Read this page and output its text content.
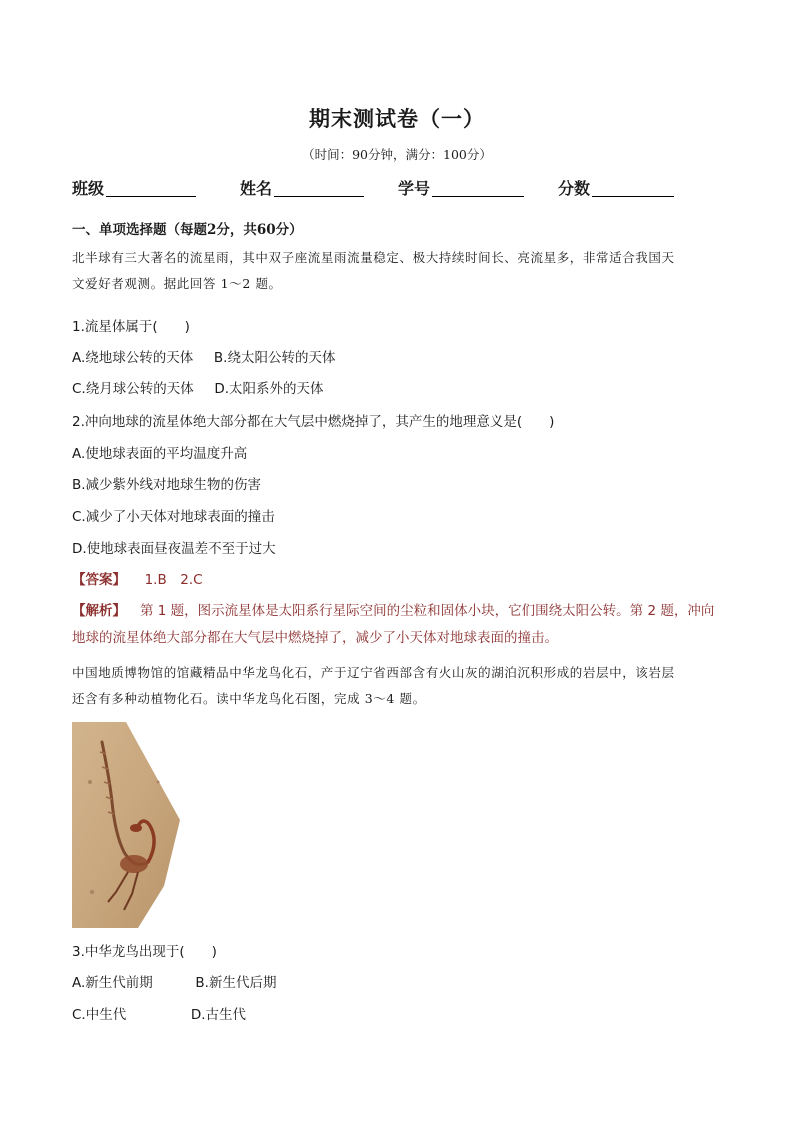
期末测试卷（一）
（时间：90分钟，满分：100分）
班级	姓名	学号	分数
一、单项选择题（每题2分，共60分）
北半球有三大著名的流星雨，其中双子座流星雨流量稳定、极大持续时间长、亮流星多，非常适合我国天
文爱好者观测。据此回答 1～2 题。
1.流星体属于(　　)
A.绕地球公转的天体 B.绕太阳公转的天体
C.绕月球公转的天体 D.太阳系外的天体
2.冲向地球的流星体绝大部分都在大气层中燃烧掉了，其产生的地理意义是(　　)
A.使地球表面的平均温度升高
B.减少紫外线对地球生物的伤害
C.减少了小天体对地球表面的撞击
D.使地球表面昼夜温差不至于过大
【答案】 1.B　2.C
【解析】 第 1 题，图示流星体是太阳系行星际空间的尘粒和固体小块，它们围绕太阳公转。第 2 题，冲向地球的流星体绝大部分都在大气层中燃烧掉了，减少了小天体对地球表面的撞击。
中国地质博物馆的馆藏精品中华龙鸟化石，产于辽宁省西部含有火山灰的湖泊沉积形成的岩层中，该岩层
还含有多种动植物化石。读中华龙鸟化石图，完成 3～4 题。
3.中华龙鸟出现于(　　)
A.新生代前期	B.新生代后期
C.中生代	D.古生代
